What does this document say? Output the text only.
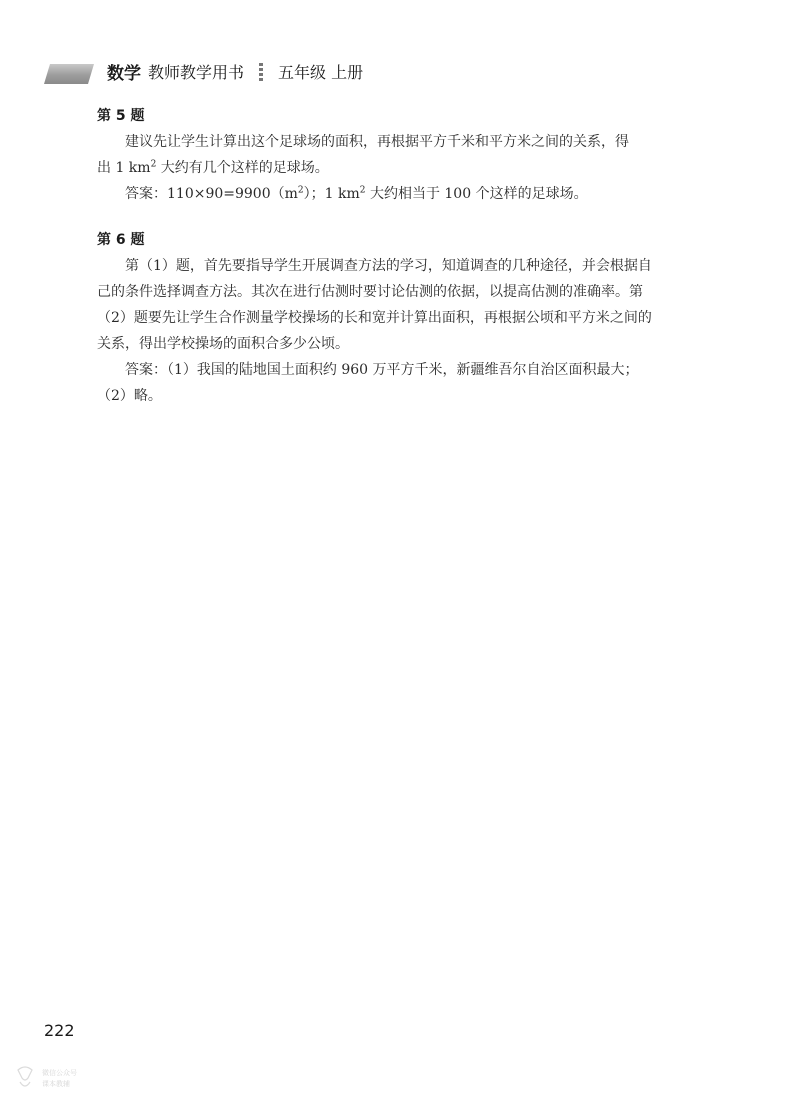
数学 教师教学用书 五年级 上册
第 5 题
建议先让学生计算出这个足球场的面积，再根据平方千米和平方米之间的关系，得
出 1 $km^2$ 大约有几个这样的足球场。
答案：$110\times 90=9900(m^2)$；1 $km^2$ 大约相当于 100 个这样的足球场。
第 6 题
第（1）题，首先要指导学生开展调查方法的学习，知道调查的几种途径，并会根据自
己的条件选择调查方法。其次在进行估测时要讨论估测的依据，以提高估测的准确率。第
（2）题要先让学生合作测量学校操场的长和宽并计算出面积，再根据公顷和平方米之间的
关系，得出学校操场的面积合多少公顷。
答案：（1）我国的陆地国土面积约 960 万平方千米，新疆维吾尔自治区面积最大；
（2）略。
222
微信公众号
课本教辅
